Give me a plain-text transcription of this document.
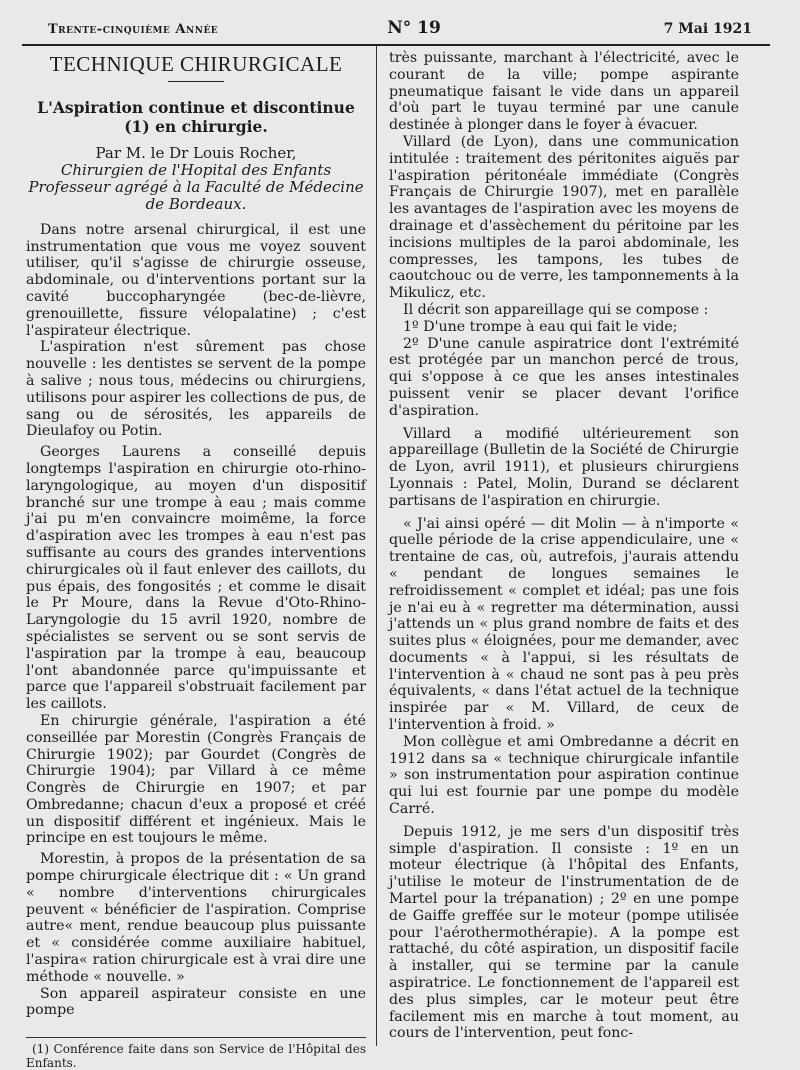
Trente-cinquième Année	N° 19	7 Mai 1921
TECHNIQUE CHIRURGICALE
L'Aspiration continue et discontinue (1) en chirurgie.
Par M. le Dr Louis Rocher,
Chirurgien de l'Hopital des Enfants
Professeur agrégé à la Faculté de Médecine
de Bordeaux.

Dans notre arsenal chirurgical, il est une instrumentation que vous me voyez souvent utiliser, qu'il s'agisse de chirurgie osseuse, abdominale, ou d'interventions portant sur la cavité buccopharyngée (bec-de-lièvre, grenouillette, fissure vélopalatine) ; c'est l'aspirateur électrique.

L'aspiration n'est sûrement pas chose nouvelle : les dentistes se servent de la pompe à salive ; nous tous, médecins ou chirurgiens, utilisons pour aspirer les collections de pus, de sang ou de sérosités, les appareils de Dieulafoy ou Potin.

Georges Laurens a conseillé depuis longtemps l'aspiration en chirurgie oto-rhino-laryngologique, au moyen d'un dispositif branché sur une trompe à eau ; mais comme j'ai pu m'en convaincre moimême, la force d'aspiration avec les trompes à eau n'est pas suffisante au cours des grandes interventions chirurgicales où il faut enlever des caillots, du pus épais, des fongosités ; et comme le disait le Pr Moure, dans la Revue d'Oto-Rhino-Laryngologie du 15 avril 1920, nombre de spécialistes se servent ou se sont servis de l'aspiration par la trompe à eau, beaucoup l'ont abandonnée parce qu'impuissante et parce que l'appareil s'obstruait facilement par les caillots.

En chirurgie générale, l'aspiration a été conseillée par Morestin (Congrès Français de Chirurgie 1902); par Gourdet (Congrès de Chirurgie 1904); par Villard à ce même Congrès de Chirurgie en 1907; et par Ombredanne; chacun d'eux a proposé et créé un dispositif différent et ingénieux. Mais le principe en est toujours le même.

Morestin, à propos de la présentation de sa pompe chirurgicale électrique dit : « Un grand « nombre d'interventions chirurgicales peuvent « bénéficier de l'aspiration. Comprise autre« ment, rendue beaucoup plus puissante et « considérée comme auxiliaire habituel, l'aspira« ration chirurgicale est à vrai dire une méthode « nouvelle. »

Son appareil aspirateur consiste en une pompe

(1) Conférence faite dans son Service de l'Hôpital des Enfants.

très puissante, marchant à l'électricité, avec le courant de la ville; pompe aspirante pneumatique faisant le vide dans un appareil d'où part le tuyau terminé par une canule destinée à plonger dans le foyer à évacuer.

Villard (de Lyon), dans une communication intitulée : traitement des péritonites aiguës par l'aspiration péritonéale immédiate (Congrès Français de Chirurgie 1907), met en parallèle les avantages de l'aspiration avec les moyens de drainage et d'assèchement du péritoine par les incisions multiples de la paroi abdominale, les compresses, les tampons, les tubes de caoutchouc ou de verre, les tamponnements à la Mikulicz, etc.

Il décrit son appareillage qui se compose :

1º D'une trompe à eau qui fait le vide;

2º D'une canule aspiratrice dont l'extrémité est protégée par un manchon percé de trous, qui s'oppose à ce que les anses intestinales puissent venir se placer devant l'orifice d'aspiration.

Villard a modifié ultérieurement son appareillage (Bulletin de la Société de Chirurgie de Lyon, avril 1911), et plusieurs chirurgiens Lyonnais : Patel, Molin, Durand se déclarent partisans de l'aspiration en chirurgie.

« J'ai ainsi opéré — dit Molin — à n'importe « quelle période de la crise appendiculaire, une « trentaine de cas, où, autrefois, j'aurais attendu « pendant de longues semaines le refroidissement « complet et idéal; pas une fois je n'ai eu à « regretter ma détermination, aussi j'attends un « plus grand nombre de faits et des suites plus « éloignées, pour me demander, avec documents « à l'appui, si les résultats de l'intervention à « chaud ne sont pas à peu près équivalents, « dans l'état actuel de la technique inspirée par « M. Villard, de ceux de l'intervention à froid. »

Mon collègue et ami Ombredanne a décrit en 1912 dans sa « technique chirurgicale infantile » son instrumentation pour aspiration continue qui lui est fournie par une pompe du modèle Carré.

Depuis 1912, je me sers d'un dispositif très simple d'aspiration. Il consiste : 1º en un moteur électrique (à l'hôpital des Enfants, j'utilise le moteur de l'instrumentation de de Martel pour la trépanation) ; 2º en une pompe de Gaiffe greffée sur le moteur (pompe utilisée pour l'aérothermothérapie). A la pompe est rattaché, du côté aspiration, un dispositif facile à installer, qui se termine par la canule aspiratrice. Le fonctionnement de l'appareil est des plus simples, car le moteur peut être facilement mis en marche à tout moment, au cours de l'intervention, peut fonc-
